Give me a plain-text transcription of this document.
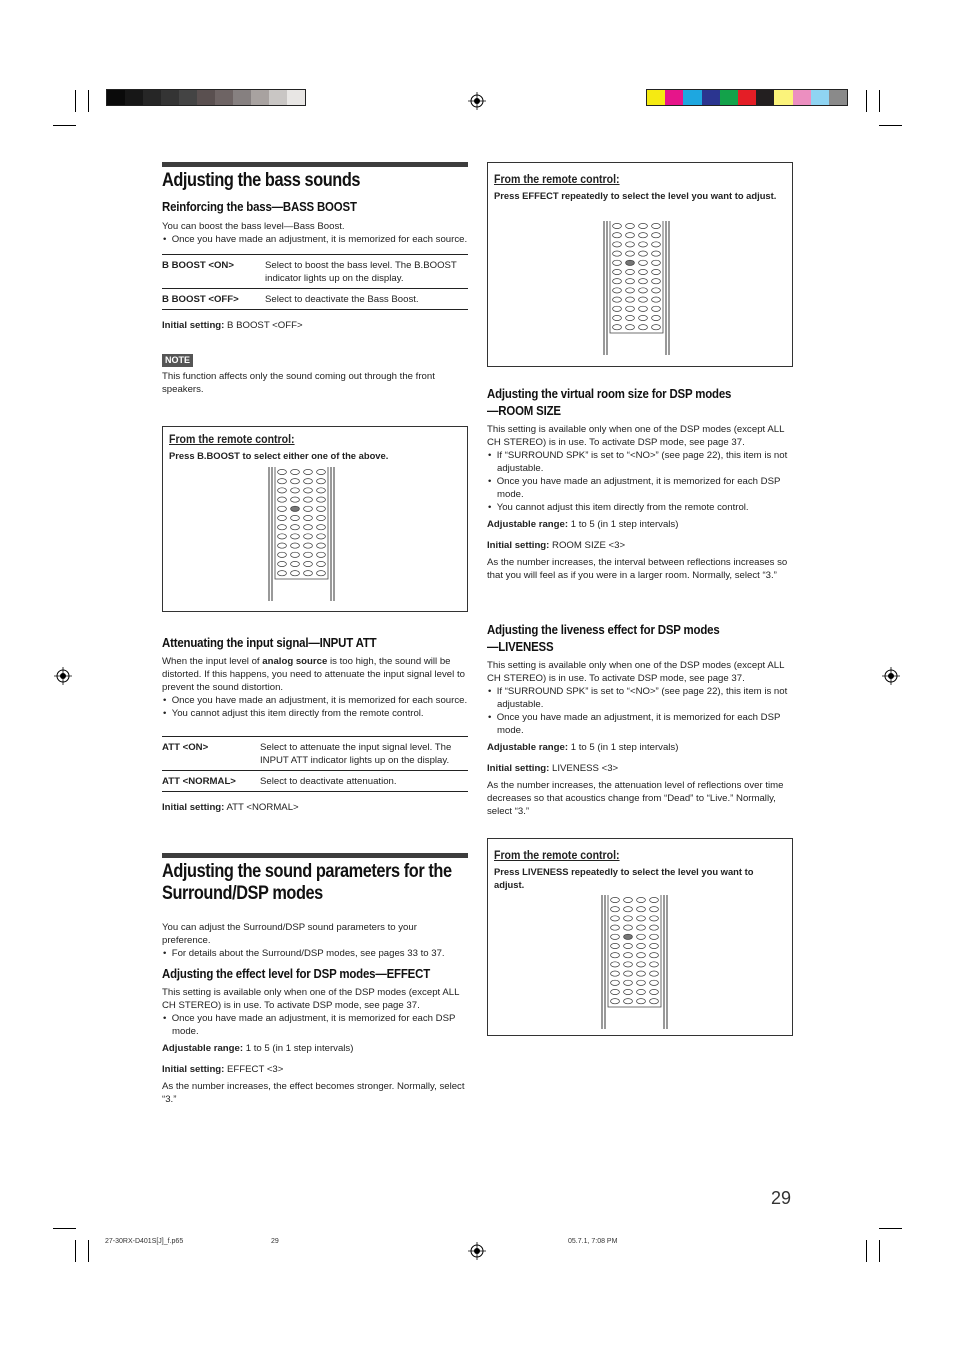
Adjusting the bass sounds
Reinforcing the bass—BASS BOOST

You can boost the bass level—Bass Boost.

•  Once you have made an adjustment, it is memorized for each source.

B BOOST <ON>	Select to boost the bass level. The B.BOOST indicator lights up on the display.
B BOOST <OFF>	Select to deactivate the Bass Boost.

Initial setting: B BOOST <OFF>

NOTE

This function affects only the sound coming out through the front speakers.

Attenuating the input signal—INPUT ATT

When the input level of analog source is too high, the sound will be distorted. If this happens, you need to attenuate the input signal level to prevent the sound distortion.

•  Once you have made an adjustment, it is memorized for each source.

•  You cannot adjust this item directly from the remote control.

ATT <ON>	Select to attenuate the input signal level. The INPUT ATT indicator lights up on the display.
ATT <NORMAL>	Select to deactivate attenuation.

Initial setting: ATT <NORMAL>

Adjusting the sound parameters for the Surround/DSP modes

You can adjust the Surround/DSP sound parameters to your preference.

•  For details about the Surround/DSP modes, see pages 33 to 37.

Adjusting the effect level for DSP modes—EFFECT

This setting is available only when one of the DSP modes (except ALL CH STEREO) is in use. To activate DSP mode, see page 37.

•  Once you have made an adjustment, it is memorized for each DSP mode.

Adjustable range: 1 to 5 (in 1 step intervals)

Initial setting: EFFECT <3>

As the number increases, the effect becomes stronger. Normally, select “3.”

From the remote control:
Press B.BOOST to select either one of the above.
From the remote control:
Press EFFECT repeatedly to select the level you want to adjust.
Adjusting the virtual room size for DSP modes
—ROOM SIZE

This setting is available only when one of the DSP modes (except ALL CH STEREO) is in use. To activate DSP mode, see page 37.

•  If “SURROUND SPK” is set to “<NO>” (see page 22), this item is not adjustable.

•  Once you have made an adjustment, it is memorized for each DSP mode.

•  You cannot adjust this item directly from the remote control.

Adjustable range: 1 to 5 (in 1 step intervals)

Initial setting: ROOM SIZE <3>

As the number increases, the interval between reflections increases so that you will feel as if you were in a larger room. Normally, select “3.”

Adjusting the liveness effect for DSP modes
—LIVENESS

This setting is available only when one of the DSP modes (except ALL CH STEREO) is in use. To activate DSP mode, see page 37.

•  If “SURROUND SPK” is set to “<NO>” (see page 22), this item is not adjustable.

•  Once you have made an adjustment, it is memorized for each DSP mode.

Adjustable range: 1 to 5 (in 1 step intervals)

Initial setting: LIVENESS <3>

As the number increases, the attenuation level of reflections over time decreases so that acoustics change from “Dead” to “Live.” Normally, select “3.”

From the remote control:
Press LIVENESS repeatedly to select the level you want to adjust.
29
27-30RX-D401S[J]_f.p65	29	05.7.1, 7:08 PM
